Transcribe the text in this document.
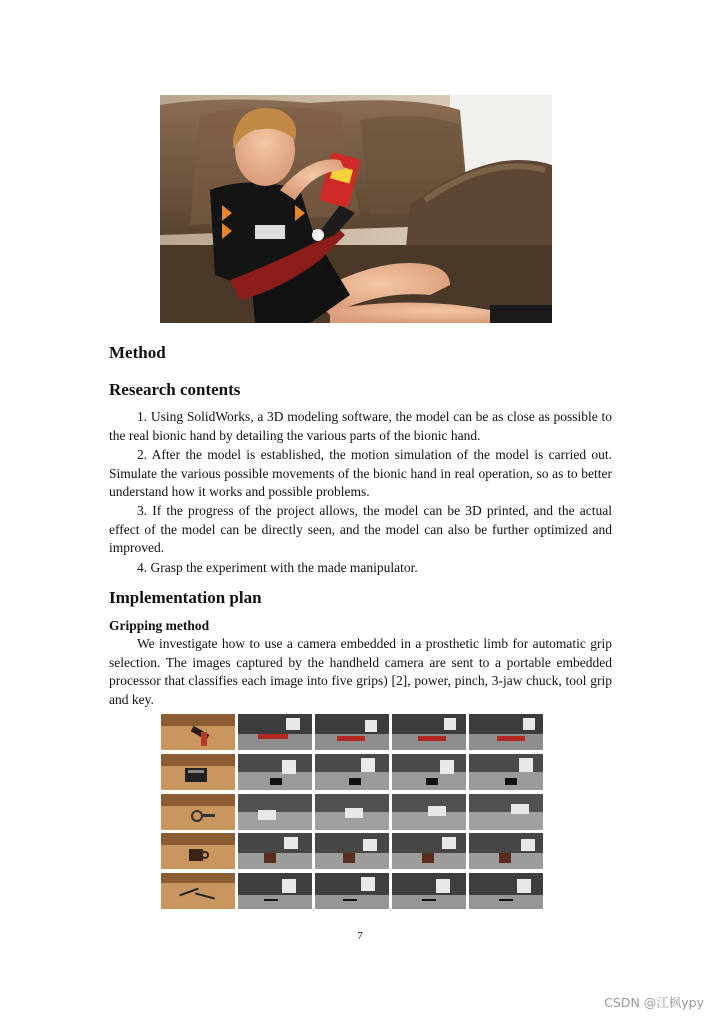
Method
Research contents

1. Using SolidWorks, a 3D modeling software, the model can be as close as possible to the real bionic hand by detailing the various parts of the bionic hand.

2. After the model is established, the motion simulation of the model is carried out. Simulate the various possible movements of the bionic hand in real operation, so as to better understand how it works and possible problems.

3. If the progress of the project allows, the model can be 3D printed, and the actual effect of the model can be directly seen, and the model can also be further optimized and improved.

4. Grasp the experiment with the made manipulator.

Implementation plan
Gripping method

We investigate how to use a camera embedded in a prosthetic limb for automatic grip selection. The images captured by the handheld camera are sent to a portable embedded processor that classifies each image into five grips) [2], power, pinch, 3-jaw chuck, tool grip and key.

7
CSDN @江枫ypy
